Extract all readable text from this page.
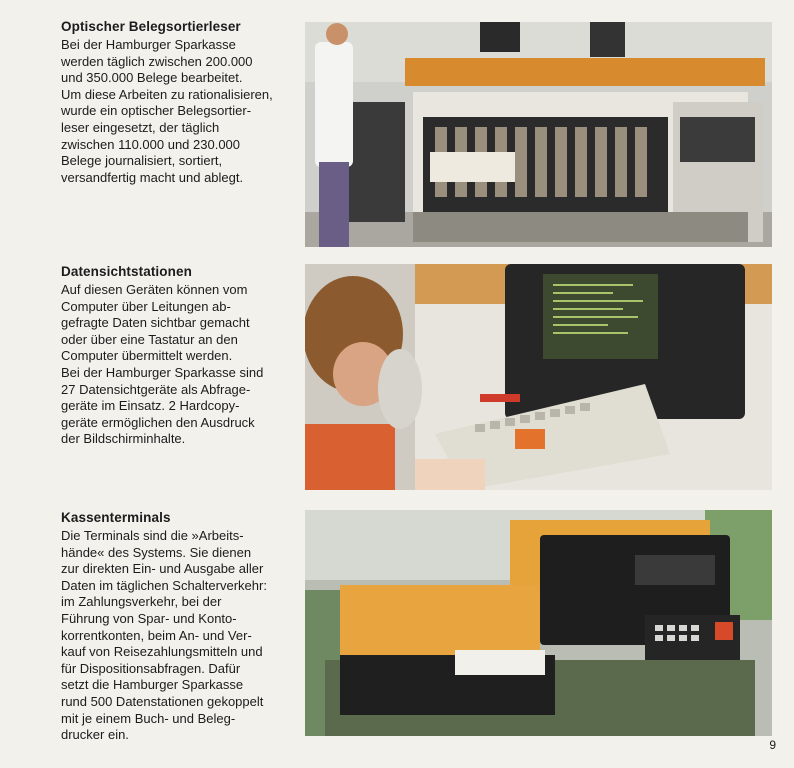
Optischer Belegsortierleser
Bei der Hamburger Sparkasse
werden täglich zwischen 200.000
und 350.000 Belege bearbeitet.
Um diese Arbeiten zu rationalisieren,
wurde ein optischer Belegsortier-
leser eingesetzt, der täglich
zwischen 110.000 und 230.000
Belege journalisiert, sortiert,
versandfertig macht und ablegt.
Datensichtstationen
Auf diesen Geräten können vom
Computer über Leitungen ab-
gefragte Daten sichtbar gemacht
oder über eine Tastatur an den
Computer übermittelt werden.
Bei der Hamburger Sparkasse sind
27 Datensichtgeräte als Abfrage-
geräte im Einsatz. 2 Hardcopy-
geräte ermöglichen den Ausdruck
der Bildschirminhalte.
Kassenterminals
Die Terminals sind die »Arbeits-
hände« des Systems. Sie dienen
zur direkten Ein- und Ausgabe aller
Daten im täglichen Schalterverkehr:
im Zahlungsverkehr, bei der
Führung von Spar- und Konto-
korrentkonten, beim An- und Ver-
kauf von Reisezahlungsmitteln und
für Dispositionsabfragen. Dafür
setzt die Hamburger Sparkasse
rund 500 Datenstationen gekoppelt
mit je einem Buch- und Beleg-
drucker ein.
9
